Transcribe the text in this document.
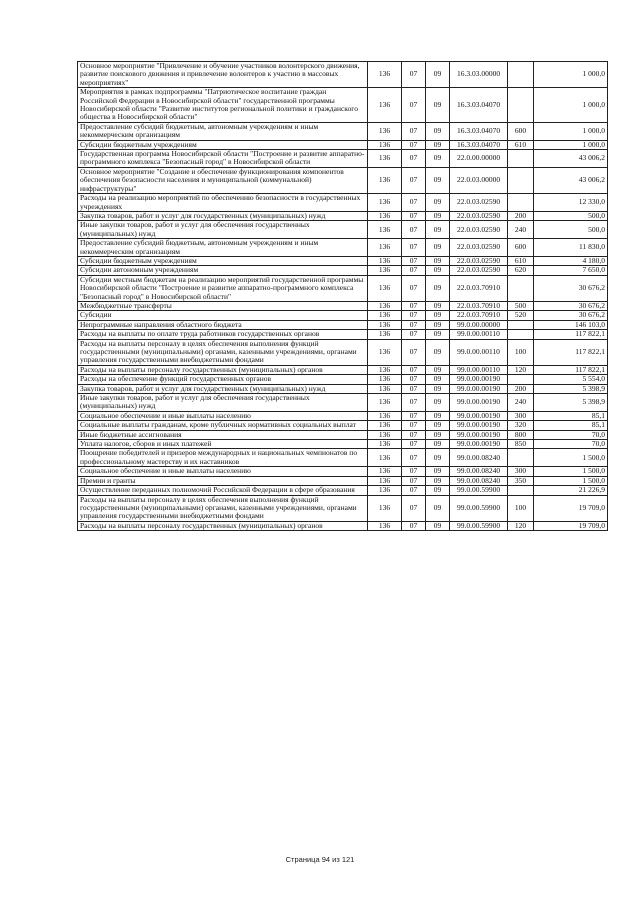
Основное мероприятие "Привлечение и обучение участников волонтерского движения, развитие поискового движения и привлечение волонтеров к участию в массовых мероприятиях"	136	07	09	16.3.03.00000		1 000,0
Мероприятия в рамках подпрограммы "Патриотическое воспитание граждан Российской Федерации в Новосибирской области" государственной программы Новосибирской области "Развитие институтов региональной политики и гражданского общества в Новосибирской области"	136	07	09	16.3.03.04070		1 000,0
Предоставление субсидий бюджетным, автономным учреждениям и иным некоммерческим организациям	136	07	09	16.3.03.04070	600	1 000,0
Субсидии бюджетным учреждениям	136	07	09	16.3.03.04070	610	1 000,0
Государственная программа Новосибирской области "Построение и развитие аппаратно-программного комплекса "Безопасный город" в Новосибирской области	136	07	09	22.0.00.00000		43 006,2
Основное мероприятие "Создание и обеспечение функционирования компонентов обеспечения безопасности населения и муниципальной (коммунальной) инфраструктуры"	136	07	09	22.0.03.00000		43 006,2
Расходы на реализацию мероприятий по обеспечению безопасности в государственных учреждениях	136	07	09	22.0.03.02590		12 330,0
Закупка товаров, работ и услуг для государственных (муниципальных) нужд	136	07	09	22.0.03.02590	200	500,0
Иные закупки товаров, работ и услуг для обеспечения государственных (муниципальных) нужд	136	07	09	22.0.03.02590	240	500,0
Предоставление субсидий бюджетным, автономным учреждениям и иным некоммерческим организациям	136	07	09	22.0.03.02590	600	11 830,0
Субсидии бюджетным учреждениям	136	07	09	22.0.03.02590	610	4 180,0
Субсидии автономным учреждениям	136	07	09	22.0.03.02590	620	7 650,0
Субсидии местным бюджетам на реализацию мероприятий государственной программы Новосибирской области "Построение и развитие аппаратно-программного комплекса "Безопасный город" в Новосибирской области"	136	07	09	22.0.03.70910		30 676,2
Межбюджетные трансферты	136	07	09	22.0.03.70910	500	30 676,2
Субсидии	136	07	09	22.0.03.70910	520	30 676,2
Непрограммные направления областного бюджета	136	07	09	99.0.00.00000		146 103,0
Расходы на выплаты по оплате труда работников государственных органов	136	07	09	99.0.00.00110		117 822,1
Расходы на выплаты персоналу в целях обеспечения выполнения функций государственными (муниципальными) органами, казенными учреждениями, органами управления государственными внебюджетными фондами	136	07	09	99.0.00.00110	100	117 822,1
Расходы на выплаты персоналу государственных (муниципальных) органов	136	07	09	99.0.00.00110	120	117 822,1
Расходы на обеспечение функций государственных органов	136	07	09	99.0.00.00190		5 554,0
Закупка товаров, работ и услуг для государственных (муниципальных) нужд	136	07	09	99.0.00.00190	200	5 398,9
Иные закупки товаров, работ и услуг для обеспечения государственных (муниципальных) нужд	136	07	09	99.0.00.00190	240	5 398,9
Социальное обеспечение и иные выплаты населению	136	07	09	99.0.00.00190	300	85,1
Социальные выплаты гражданам, кроме публичных нормативных социальных выплат	136	07	09	99.0.00.00190	320	85,1
Иные бюджетные ассигнования	136	07	09	99.0.00.00190	800	70,0
Уплата налогов, сборов и иных платежей	136	07	09	99.0.00.00190	850	70,0
Поощрение победителей и призеров международных и национальных чемпионатов по профессиональному мастерству и их наставников	136	07	09	99.0.00.08240		1 500,0
Социальное обеспечение и иные выплаты населению	136	07	09	99.0.00.08240	300	1 500,0
Премии и гранты	136	07	09	99.0.00.08240	350	1 500,0
Осуществление переданных полномочий Российской Федерации в сфере образования	136	07	09	99.0.00.59900		21 226,9
Расходы на выплаты персоналу в целях обеспечения выполнения функций государственными (муниципальными) органами, казенными учреждениями, органами управления государственными внебюджетными фондами	136	07	09	99.0.00.59900	100	19 709,0
Расходы на выплаты персоналу государственных (муниципальных) органов	136	07	09	99.0.00.59900	120	19 709,0
Страница 94 из 121
